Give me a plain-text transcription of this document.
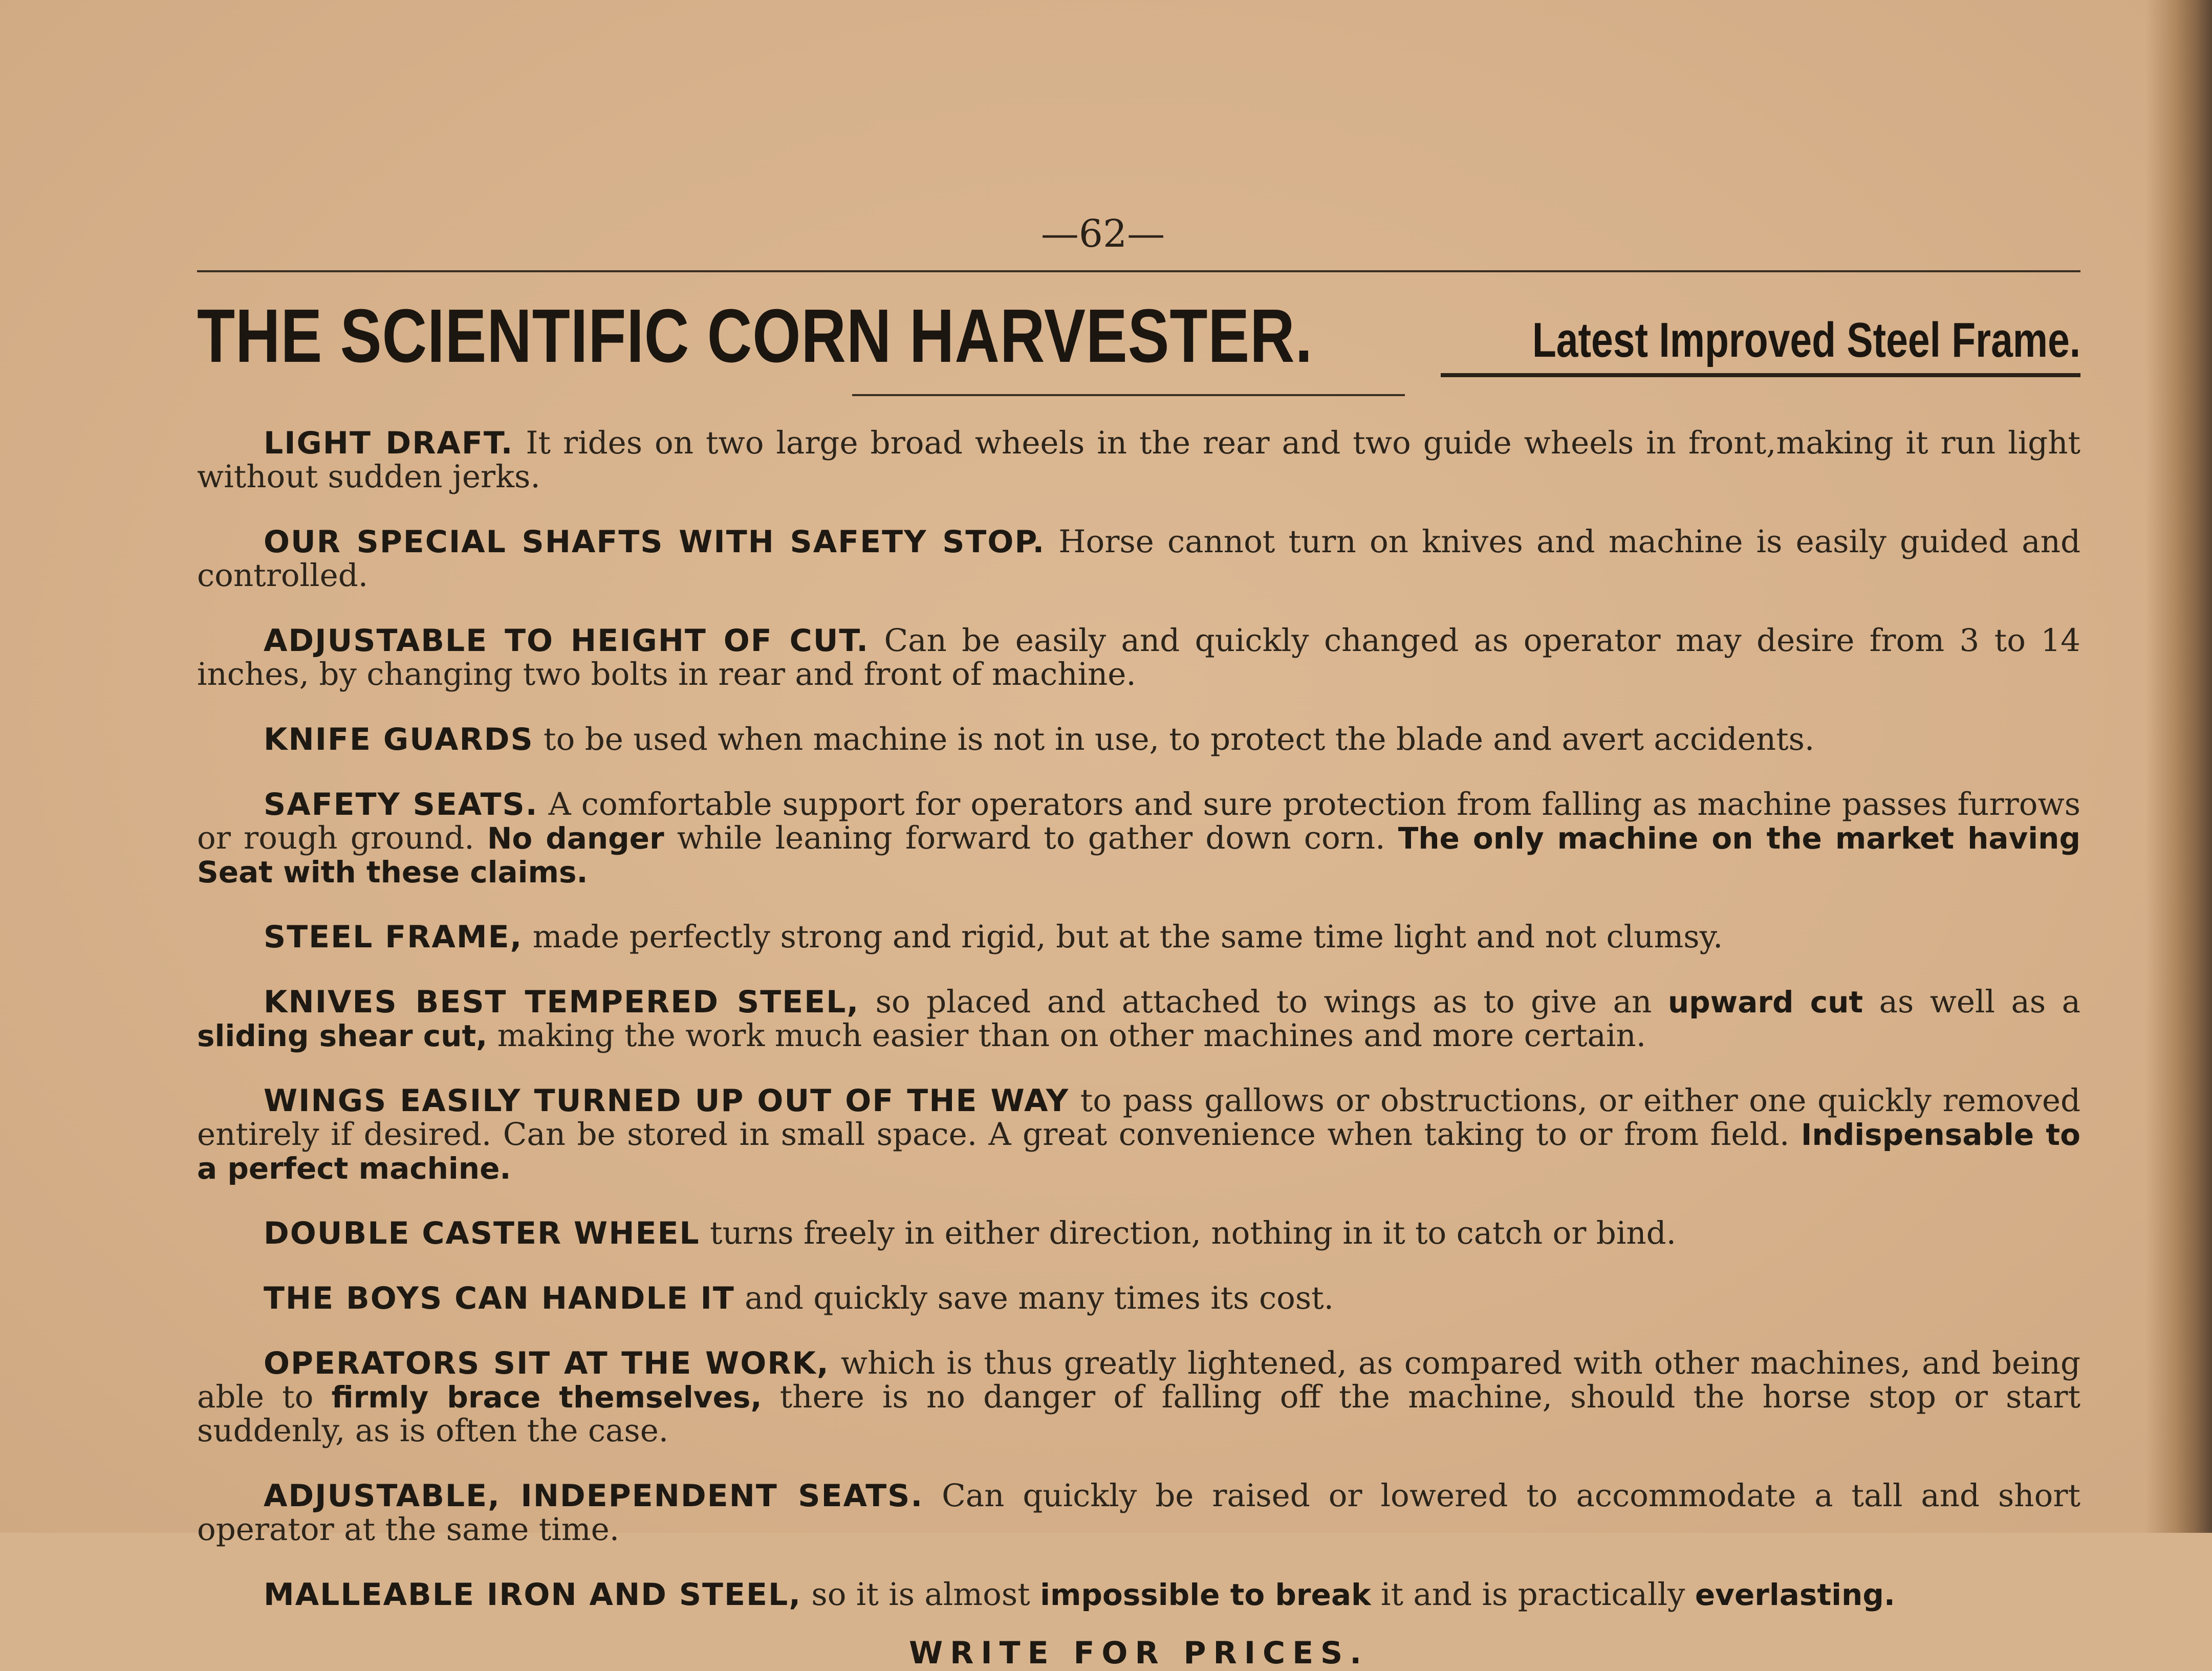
—62—
THE SCIENTIFIC CORN HARVESTER.	Latest Improved Steel Frame.

LIGHT DRAFT. It rides on two large broad wheels in the rear and two guide wheels in front,making it run light without sudden jerks.

OUR SPECIAL SHAFTS WITH SAFETY STOP. Horse cannot turn on knives and machine is easily guided and controlled.

ADJUSTABLE TO HEIGHT OF CUT. Can be easily and quickly changed as operator may desire from 3 to 14 inches, by changing two bolts in rear and front of machine.

KNIFE GUARDS to be used when machine is not in use, to protect the blade and avert accidents.

SAFETY SEATS. A comfortable support for operators and sure protection from falling as machine passes furrows or rough ground. No danger while leaning forward to gather down corn. The only machine on the market having Seat with these claims.

STEEL FRAME, made perfectly strong and rigid, but at the same time light and not clumsy.

KNIVES BEST TEMPERED STEEL, so placed and attached to wings as to give an upward cut as well as a sliding shear cut, making the work much easier than on other machines and more certain.

WINGS EASILY TURNED UP OUT OF THE WAY to pass gallows or obstructions, or either one quickly removed entirely if desired. Can be stored in small space. A great convenience when taking to or from field. Indispensable to a perfect machine.

DOUBLE CASTER WHEEL turns freely in either direction, nothing in it to catch or bind.

THE BOYS CAN HANDLE IT and quickly save many times its cost.

OPERATORS SIT AT THE WORK, which is thus greatly lightened, as compared with other machines, and being able to firmly brace themselves, there is no danger of falling off the machine, should the horse stop or start suddenly, as is often the case.

ADJUSTABLE, INDEPENDENT SEATS. Can quickly be raised or lowered to accommodate a tall and short operator at the same time.

MALLEABLE IRON AND STEEL, so it is almost impossible to break it and is practically everlasting.

WRITE FOR PRICES.
